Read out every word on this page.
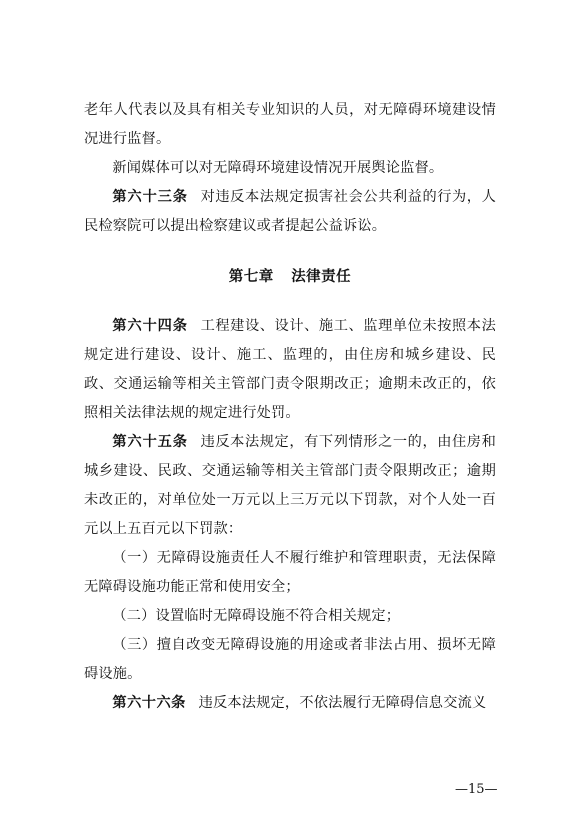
老年人代表以及具有相关专业知识的人员，对无障碍环境建设情况进行监督。

新闻媒体可以对无障碍环境建设情况开展舆论监督。

第六十三条 对违反本法规定损害社会公共利益的行为，人民检察院可以提出检察建议或者提起公益诉讼。

第七章 法律责任

第六十四条 工程建设、设计、施工、监理单位未按照本法规定进行建设、设计、施工、监理的，由住房和城乡建设、民政、交通运输等相关主管部门责令限期改正；逾期未改正的，依照相关法律法规的规定进行处罚。

第六十五条 违反本法规定，有下列情形之一的，由住房和城乡建设、民政、交通运输等相关主管部门责令限期改正；逾期未改正的，对单位处一万元以上三万元以下罚款，对个人处一百元以上五百元以下罚款：

（一）无障碍设施责任人不履行维护和管理职责，无法保障无障碍设施功能正常和使用安全；

（二）设置临时无障碍设施不符合相关规定；

（三）擅自改变无障碍设施的用途或者非法占用、损坏无障碍设施。

第六十六条 违反本法规定，不依法履行无障碍信息交流义

—15—
